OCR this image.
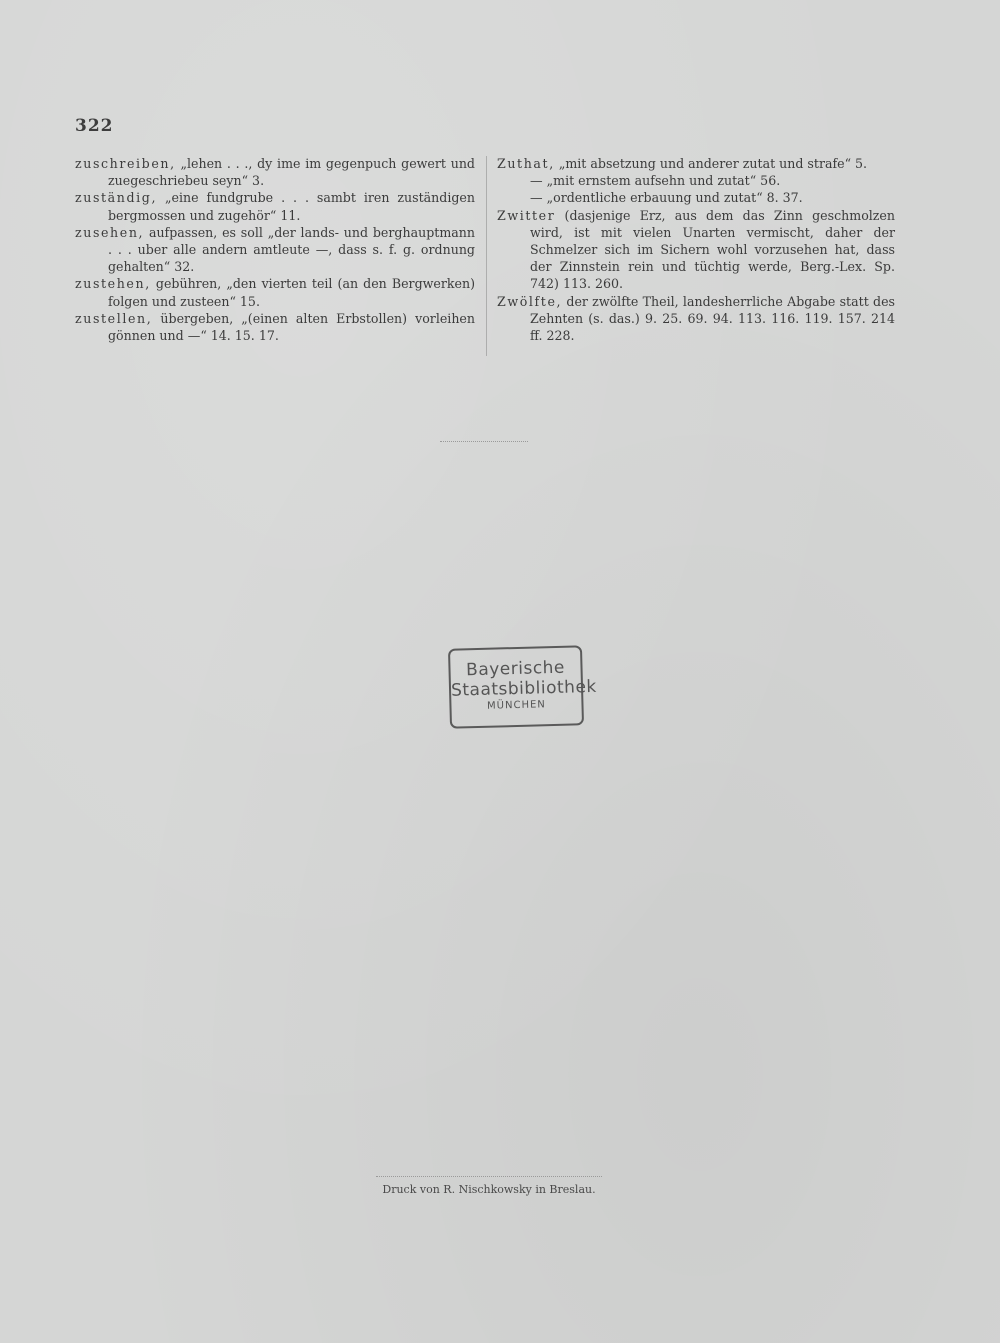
322

zuschreiben, „lehen . . ., dy ime im gegenpuch gewert und zuegeschriebeu seyn“ 3.

zuständig, „eine fundgrube . . . sambt iren zuständigen bergmossen und zugehör“ 11.

zusehen, aufpassen, es soll „der lands- und berghauptmann . . . uber alle andern amtleute —, dass s. f. g. ordnung gehalten“ 32.

zustehen, gebühren, „den vierten teil (an den Bergwerken) folgen und zusteen“ 15.

zustellen, übergeben, „(einen alten Erbstollen) vorleihen gönnen und —“ 14. 15. 17.

Zuthat, „mit absetzung und anderer zutat und strafe“ 5.

— „mit ernstem aufsehn und zutat“ 56.

— „ordentliche erbauung und zutat“ 8. 37.

Zwitter (dasjenige Erz, aus dem das Zinn geschmolzen wird, ist mit vielen Unarten vermischt, daher der Schmelzer sich im Sichern wohl vorzusehen hat, dass der Zinnstein rein und tüchtig werde, Berg.-Lex. Sp. 742) 113. 260.

Zwölfte, der zwölfte Theil, landesherrliche Abgabe statt des Zehnten (s. das.) 9. 25. 69. 94. 113. 116. 119. 157. 214 ff. 228.

Bayerische
Staatsbibliothek
MÜNCHEN
Druck von R. Nischkowsky in Breslau.
